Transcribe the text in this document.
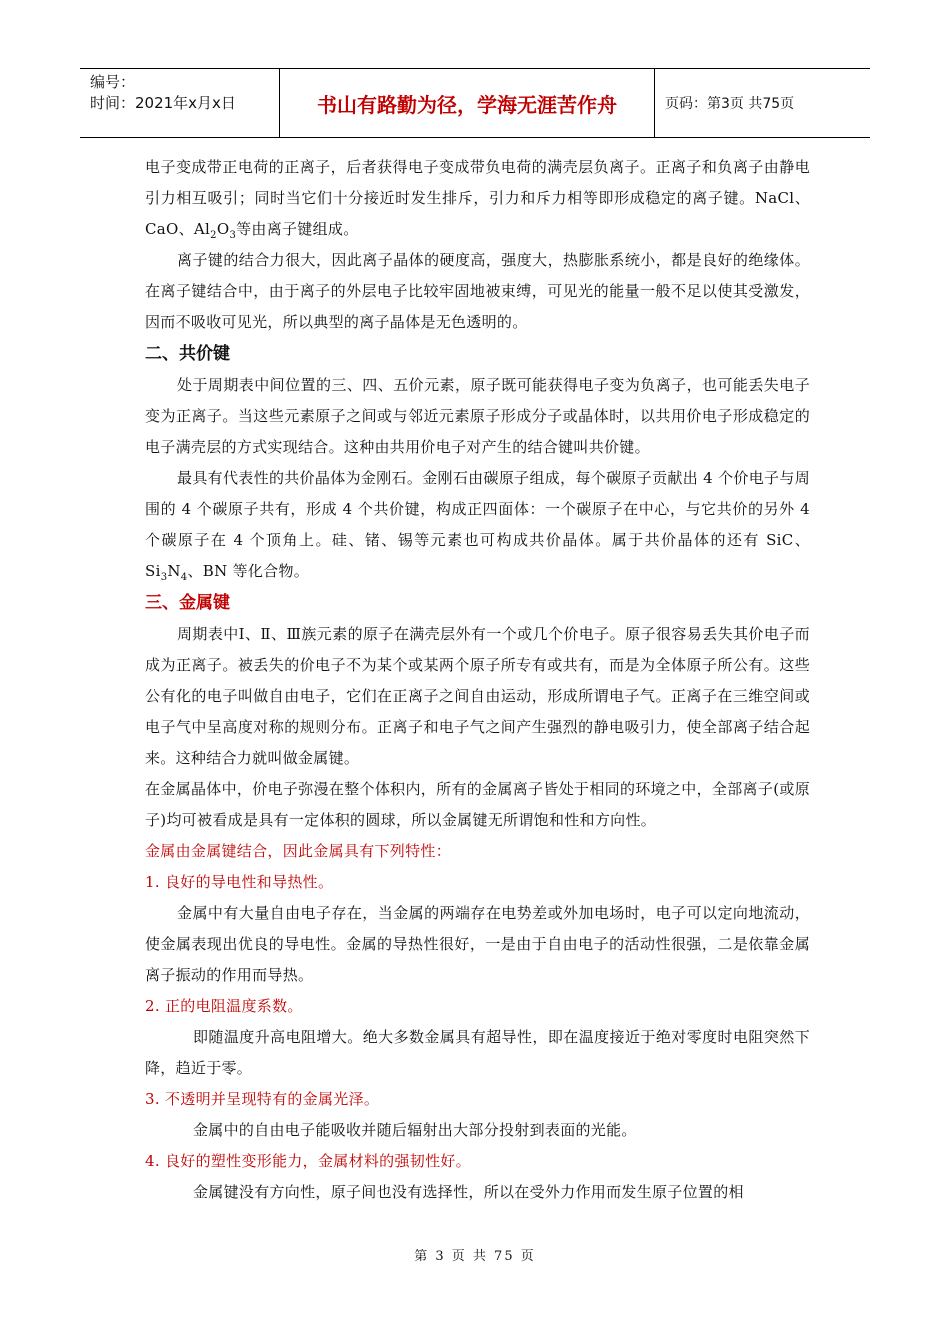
编号：
时间：2021年x月x日	书山有路勤为径，学海无涯苦作舟	页码：第3页 共75页

电子变成带正电荷的正离子，后者获得电子变成带负电荷的满壳层负离子。正离子和负离子由静电引力相互吸引；同时当它们十分接近时发生排斥，引力和斥力相等即形成稳定的离子键。NaCl、CaO、$Al_2O_3$等由离子键组成。

离子键的结合力很大，因此离子晶体的硬度高，强度大，热膨胀系统小，都是良好的绝缘体。在离子键结合中，由于离子的外层电子比较牢固地被束缚，可见光的能量一般不足以使其受激发，因而不吸收可见光，所以典型的离子晶体是无色透明的。

二、共价键

处于周期表中间位置的三、四、五价元素，原子既可能获得电子变为负离子，也可能丢失电子变为正离子。当这些元素原子之间或与邻近元素原子形成分子或晶体时，以共用价电子形成稳定的电子满壳层的方式实现结合。这种由共用价电子对产生的结合键叫共价键。

最具有代表性的共价晶体为金刚石。金刚石由碳原子组成，每个碳原子贡献出 4 个价电子与周围的 4 个碳原子共有，形成 4 个共价键，构成正四面体：一个碳原子在中心，与它共价的另外 4 个碳原子在 4 个顶角上。硅、锗、锡等元素也可构成共价晶体。属于共价晶体的还有 SiC、$Si_3N_4$、BN 等化合物。

三、金属键

周期表中Ⅰ、Ⅱ、Ⅲ族元素的原子在满壳层外有一个或几个价电子。原子很容易丢失其价电子而成为正离子。被丢失的价电子不为某个或某两个原子所专有或共有，而是为全体原子所公有。这些公有化的电子叫做自由电子，它们在正离子之间自由运动，形成所谓电子气。正离子在三维空间或电子气中呈高度对称的规则分布。正离子和电子气之间产生强烈的静电吸引力，使全部离子结合起来。这种结合力就叫做金属键。

在金属晶体中，价电子弥漫在整个体积内，所有的金属离子皆处于相同的环境之中，全部离子(或原子)均可被看成是具有一定体积的圆球，所以金属键无所谓饱和性和方向性。

金属由金属键结合，因此金属具有下列特性：

1. 良好的导电性和导热性。

金属中有大量自由电子存在，当金属的两端存在电势差或外加电场时，电子可以定向地流动，使金属表现出优良的导电性。金属的导热性很好，一是由于自由电子的活动性很强，二是依靠金属离子振动的作用而导热。

2. 正的电阻温度系数。

即随温度升高电阻增大。绝大多数金属具有超导性，即在温度接近于绝对零度时电阻突然下降，趋近于零。

3. 不透明并呈现特有的金属光泽。

金属中的自由电子能吸收并随后辐射出大部分投射到表面的光能。

4. 良好的塑性变形能力，金属材料的强韧性好。

金属键没有方向性，原子间也没有选择性，所以在受外力作用而发生原子位置的相

第 3 页 共 75 页
